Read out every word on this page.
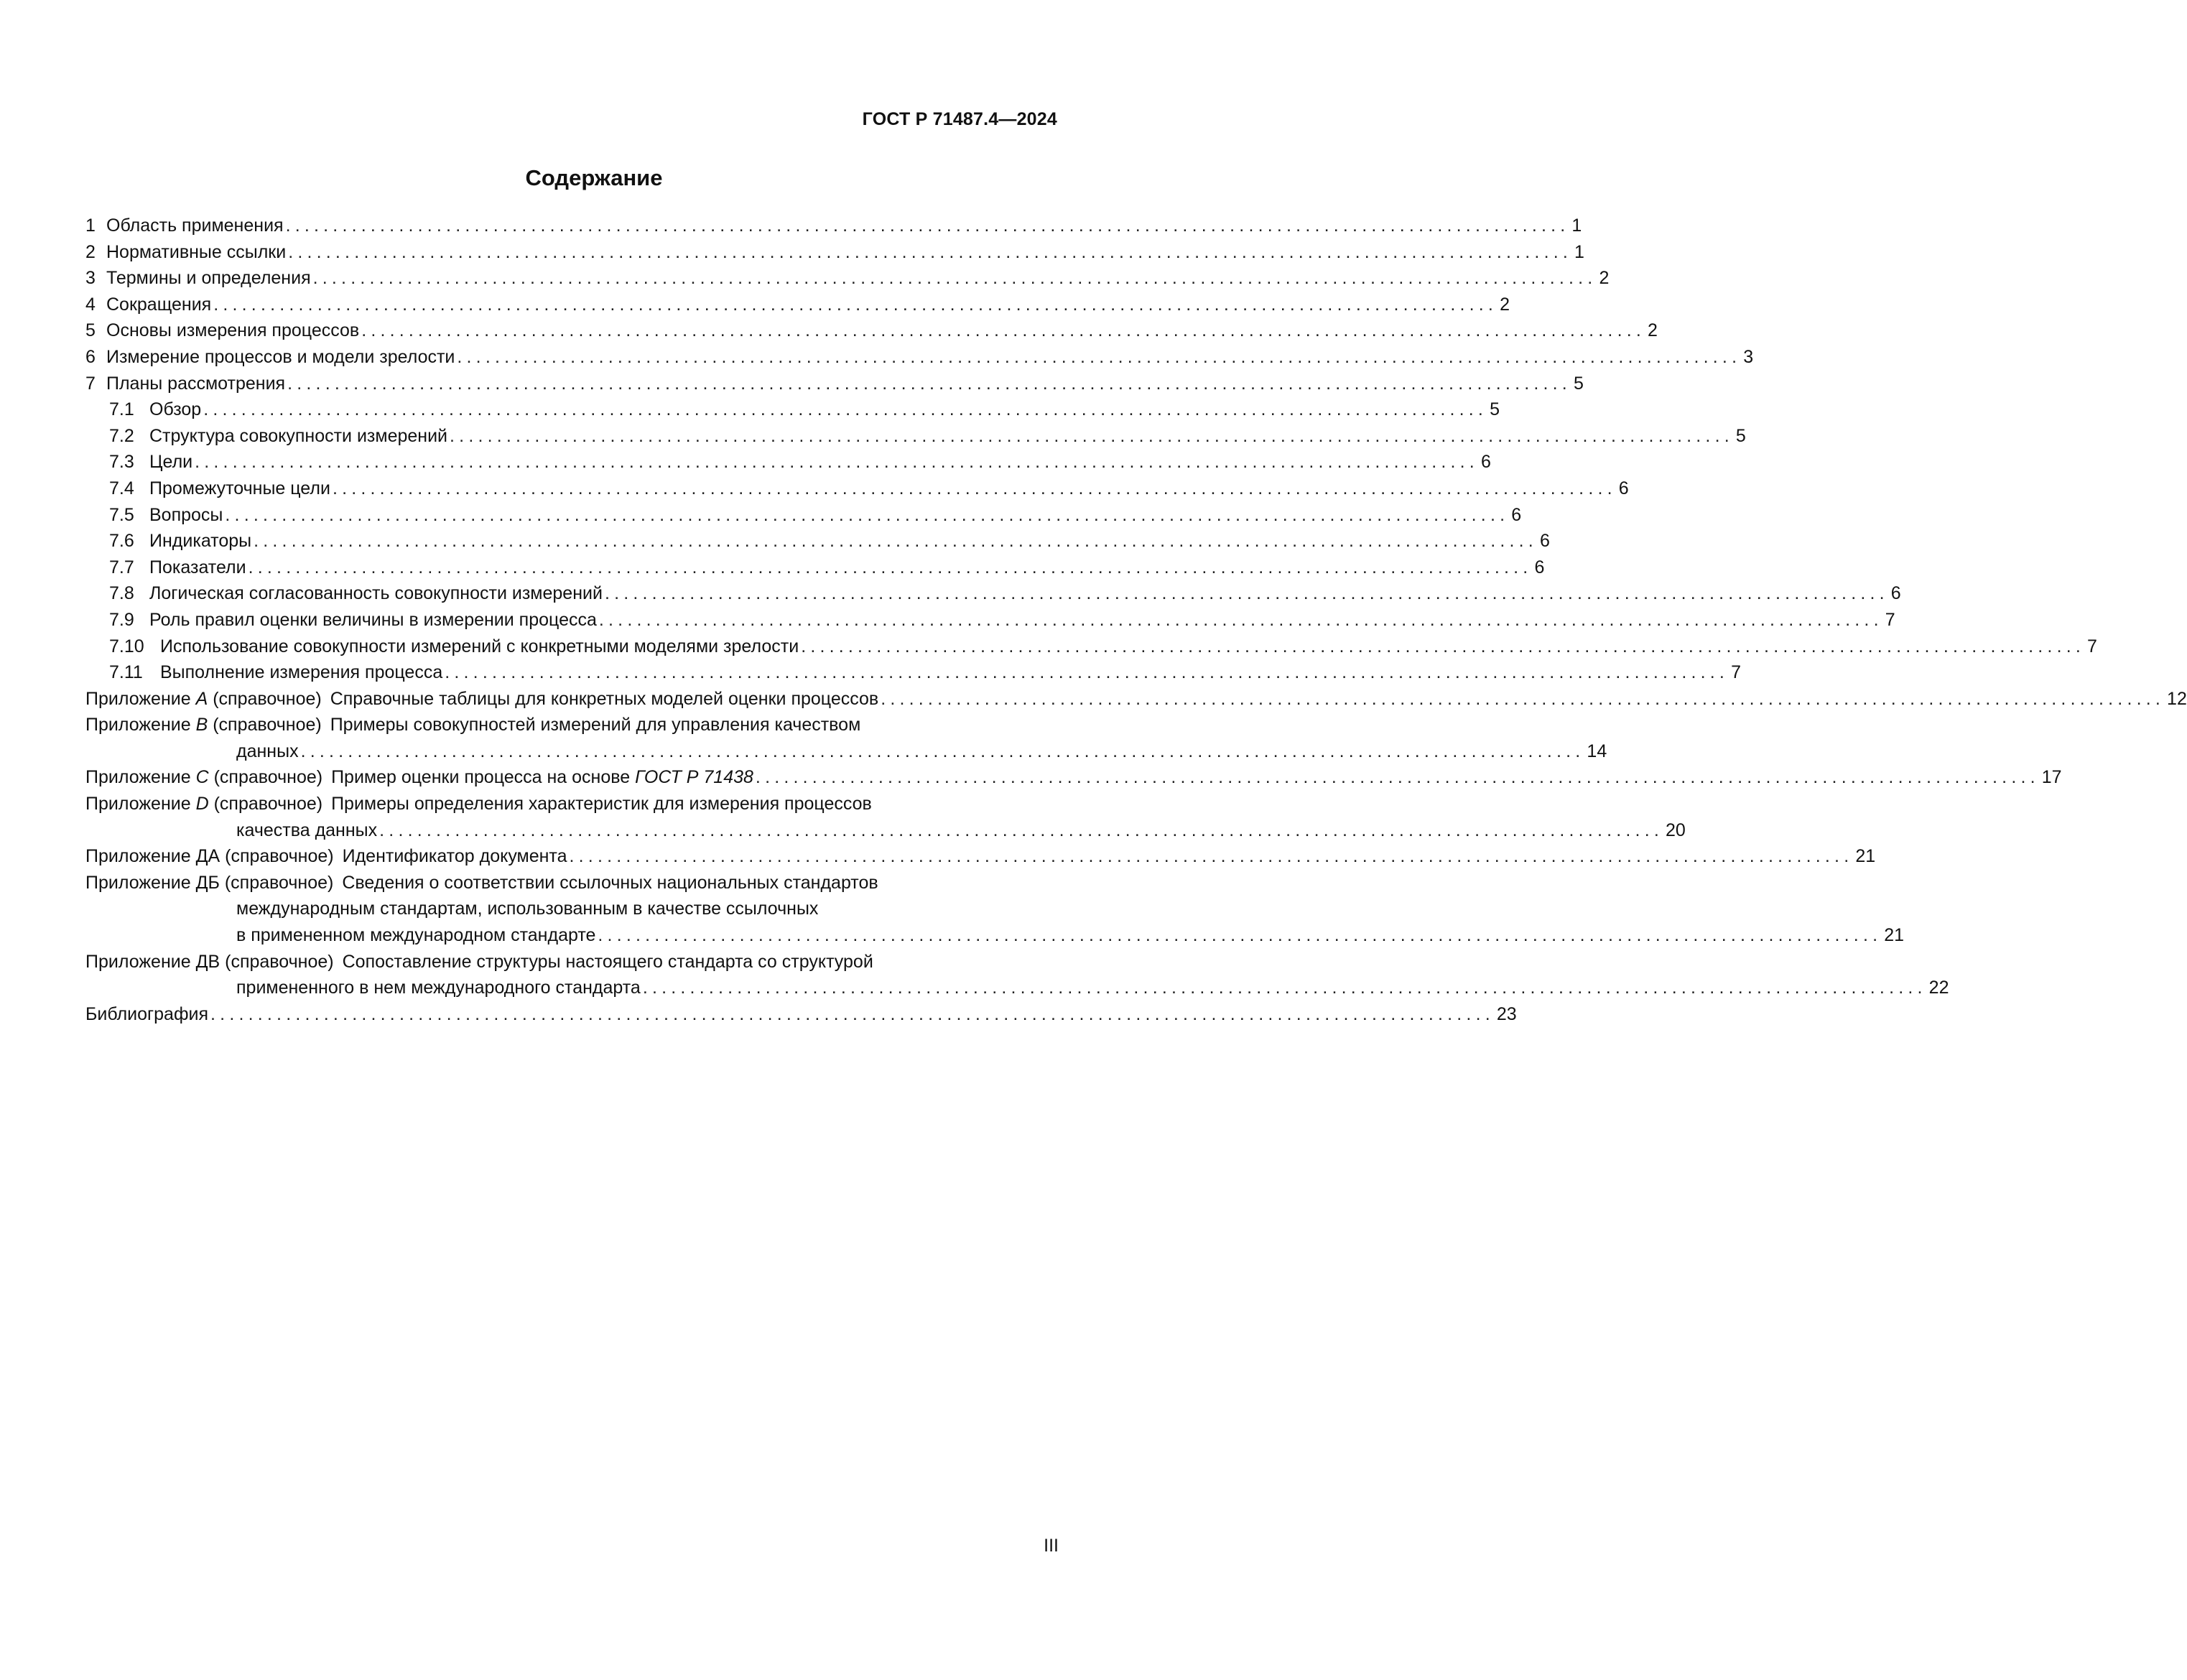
ГОСТ Р 71487.4—2024
Содержание
1 Область применения ........................................................................................................................................ 1
2 Нормативные ссылки ........................................................................................................................................ 1
3 Термины и определения ........................................................................................................................................ 2
4 Сокращения ........................................................................................................................................ 2
5 Основы измерения процессов ........................................................................................................................................ 2
6 Измерение процессов и модели зрелости ........................................................................................................................................ 3
7 Планы рассмотрения ........................................................................................................................................ 5
7.1 Обзор ........................................................................................................................................ 5
7.2 Структура совокупности измерений ........................................................................................................................................ 5
7.3 Цели ........................................................................................................................................ 6
7.4 Промежуточные цели ........................................................................................................................................ 6
7.5 Вопросы ........................................................................................................................................ 6
7.6 Индикаторы ........................................................................................................................................ 6
7.7 Показатели ........................................................................................................................................ 6
7.8 Логическая согласованность совокупности измерений ........................................................................................................................................ 6
7.9 Роль правил оценки величины в измерении процесса ........................................................................................................................................ 7
7.10 Использование совокупности измерений с конкретными моделями зрелости ........................................................................................................................................ 7
7.11 Выполнение измерения процесса ........................................................................................................................................ 7
Приложение А (справочное) Справочные таблицы для конкретных моделей оценки процессов ........................................................................................................................................ 12
Приложение В (справочное) Примеры совокупностей измерений для управления качеством
данных ........................................................................................................................................ 14
Приложение С (справочное) Пример оценки процесса на основе ГОСТ Р 71438 ........................................................................................................................................ 17
Приложение D (справочное) Примеры определения характеристик для измерения процессов
качества данных ........................................................................................................................................ 20
Приложение ДА (справочное) Идентификатор документа ........................................................................................................................................ 21
Приложение ДБ (справочное) Сведения о соответствии ссылочных национальных стандартов
международным стандартам, использованным в качестве ссылочных
в примененном международном стандарте ........................................................................................................................................ 21
Приложение ДВ (справочное) Сопоставление структуры настоящего стандарта со структурой
примененного в нем международного стандарта ........................................................................................................................................ 22
Библиография ........................................................................................................................................ 23
III
